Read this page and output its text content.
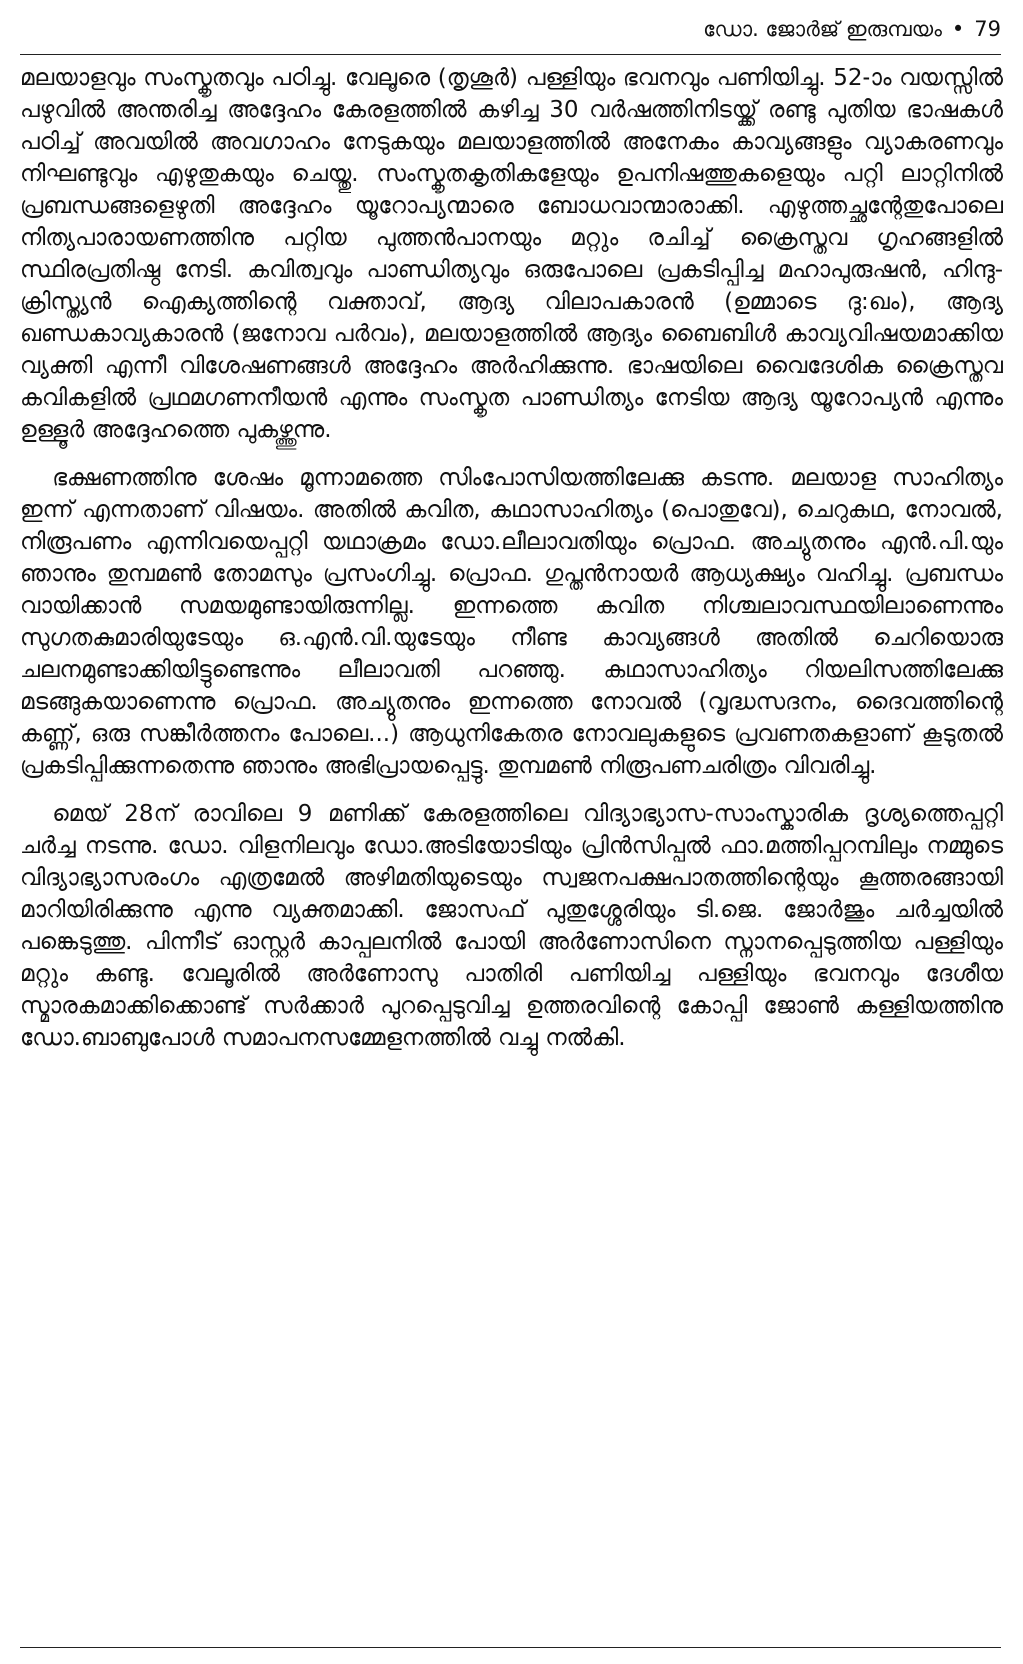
ഡോ. ജോർജ് ഇരുമ്പയം • 79

മലയാളവും സംസ്കൃതവും പഠിച്ചു. വേലൂരെ (തൃശൂർ) പള്ളിയും ഭവനവും പണിയിച്ചു. 52-ാം വയസ്സിൽ പഴുവിൽ അന്തരിച്ച അദ്ദേഹം കേരളത്തിൽ കഴിച്ച 30 വർഷത്തിനിടയ്ക്ക് രണ്ടു പുതിയ ഭാഷകൾ പഠിച്ച് അവയിൽ അവഗാഹം നേടുകയും മലയാളത്തിൽ അനേകം കാവ്യങ്ങളും വ്യാകരണവും നിഘണ്ടുവും എഴുതുകയും ചെയ്തു. സംസ്കൃതകൃതികളേയും ഉപനിഷത്തുകളെയും പറ്റി ലാറ്റിനിൽ പ്രബന്ധങ്ങളെഴുതി അദ്ദേഹം യൂറോപ്യന്മാരെ ബോധവാന്മാരാക്കി. എഴുത്തച്ഛന്റേതുപോലെ നിത്യപാരായണത്തിനു പറ്റിയ പുത്തൻപാനയും മറ്റും രചിച്ച് ക്രൈസ്തവ ഗൃഹങ്ങളിൽ സ്ഥിരപ്രതിഷ്ഠ നേടി. കവിത്വവും പാണ്ഡിത്യവും ഒരുപോലെ പ്രകടിപ്പിച്ച മഹാപുരുഷൻ, ഹിന്ദു-ക്രിസ്ത്യൻ ഐക്യത്തിന്റെ വക്താവ്, ആദ്യ വിലാപകാരൻ (ഉമ്മാടെ ദു:ഖം), ആദ്യ ഖണ്ഡകാവ്യകാരൻ (ജനോവ പർവം), മലയാളത്തിൽ ആദ്യം ബൈബിൾ കാവ്യവിഷയമാക്കിയ വ്യക്തി എന്നീ വിശേഷണങ്ങൾ അദ്ദേഹം അർഹിക്കുന്നു. ഭാഷയിലെ വൈദേശിക ക്രൈസ്തവ കവികളിൽ പ്രഥമഗണനീയൻ എന്നും സംസ്കൃത പാണ്ഡിത്യം നേടിയ ആദ്യ യൂറോപ്യൻ എന്നും ഉള്ളൂർ അദ്ദേഹത്തെ പുകഴ്ത്തുന്നു.

ഭക്ഷണത്തിനു ശേഷം മൂന്നാമത്തെ സിംപോസിയത്തിലേക്കു കടന്നു. മലയാള സാഹിത്യം ഇന്ന് എന്നതാണ് വിഷയം. അതിൽ കവിത, കഥാസാഹിത്യം (പൊതുവേ), ചെറുകഥ, നോവൽ, നിരൂപണം എന്നിവയെപ്പറ്റി യഥാക്രമം ഡോ.ലീലാവതിയും പ്രൊഫ. അച്യുതനും എൻ.പി.യും ഞാനും തുമ്പമൺ തോമസും പ്രസംഗിച്ചു. പ്രൊഫ. ഗുപ്തൻനായർ ആധ്യക്ഷ്യം വഹിച്ചു. പ്രബന്ധം വായിക്കാൻ സമയമുണ്ടായിരുന്നില്ല. ഇന്നത്തെ കവിത നിശ്ചലാവസ്ഥയിലാണെന്നും സുഗതകുമാരിയുടേയും ഒ.എൻ.വി.യുടേയും നീണ്ട കാവ്യങ്ങൾ അതിൽ ചെറിയൊരു ചലനമുണ്ടാക്കിയിട്ടുണ്ടെന്നും ലീലാവതി പറഞ്ഞു. കഥാസാഹിത്യം റിയലിസത്തിലേക്കു മടങ്ങുകയാണെന്നു പ്രൊഫ. അച്യുതനും ഇന്നത്തെ നോവൽ (വൃദ്ധസദനം, ദൈവത്തിന്റെ കണ്ണ്, ഒരു സങ്കീർത്തനം പോലെ...) ആധുനികേതര നോവലുകളുടെ പ്രവണതകളാണ് കൂടുതൽ പ്രകടിപ്പിക്കുന്നതെന്നു ഞാനും അഭിപ്രായപ്പെട്ടു. തുമ്പമൺ നിരൂപണചരിത്രം വിവരിച്ചു.

മെയ് 28ന് രാവിലെ 9 മണിക്ക് കേരളത്തിലെ വിദ്യാഭ്യാസ-സാംസ്കാരിക ദൃശ്യത്തെപ്പറ്റി ചർച്ച നടന്നു. ഡോ. വിളനിലവും ഡോ.അടിയോടിയും പ്രിൻസിപ്പൽ ഫാ.മത്തിപ്പറമ്പിലും നമ്മുടെ വിദ്യാഭ്യാസരംഗം എത്രമേൽ അഴിമതിയുടെയും സ്വജനപക്ഷപാതത്തിന്റെയും കൂത്തരങ്ങായി മാറിയിരിക്കുന്നു എന്നു വ്യക്തമാക്കി. ജോസഫ് പുതുശ്ശേരിയും ടി.ജെ. ജോർജും ചർച്ചയിൽ പങ്കെടുത്തു. പിന്നീട് ഓസ്റ്റർ കാപ്പലനിൽ പോയി അർണോസിനെ സ്നാനപ്പെടുത്തിയ പള്ളിയും മറ്റും കണ്ടു. വേലൂരിൽ അർണോസു പാതിരി പണിയിച്ച പള്ളിയും ഭവനവും ദേശീയ സ്മാരകമാക്കിക്കൊണ്ട് സർക്കാർ പുറപ്പെടുവിച്ച ഉത്തരവിന്റെ കോപ്പി ജോൺ കള്ളിയത്തിനു ഡോ.ബാബുപോൾ സമാപനസമ്മേളനത്തിൽ വച്ചു നൽകി.
